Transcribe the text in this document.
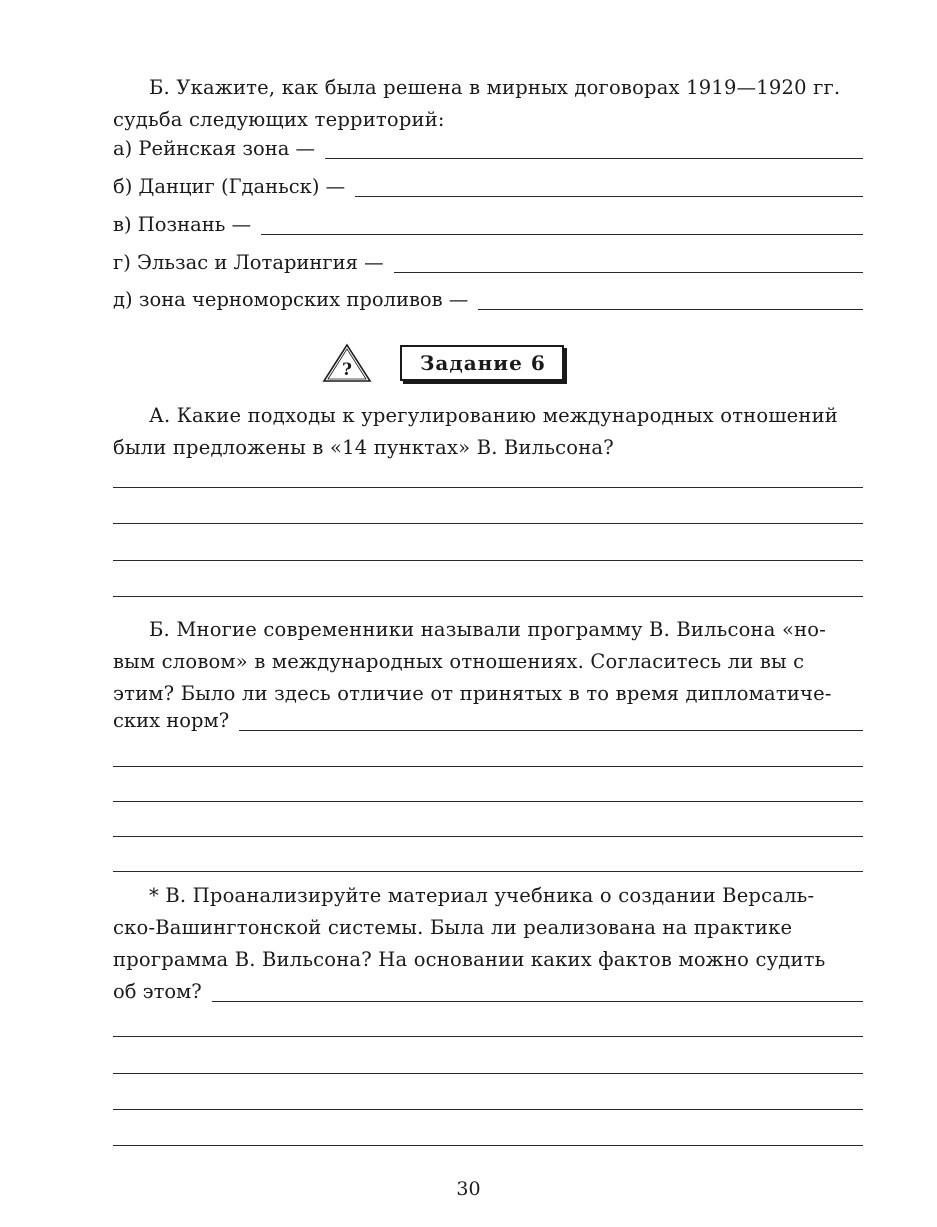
Б. Укажите, как была решена в мирных договорах 1919—1920 гг.
судьба следующих территорий:
а) Рейнская зона —
б) Данциг (Гданьск) —
в) Познань —
г) Эльзас и Лотарингия —
д) зона черноморских проливов —
?	Задание 6
А. Какие подходы к урегулированию международных отношений
были предложены в «14 пунктах» В. Вильсона?
Б. Многие современники называли программу В. Вильсона «но-
вым словом» в международных отношениях. Согласитесь ли вы с
этим? Было ли здесь отличие от принятых в то время дипломатиче-
ских норм?
* В. Проанализируйте материал учебника о создании Версаль-
ско-Вашингтонской системы. Была ли реализована на практике
программа В. Вильсона? На основании каких фактов можно судить
об этом?
30
